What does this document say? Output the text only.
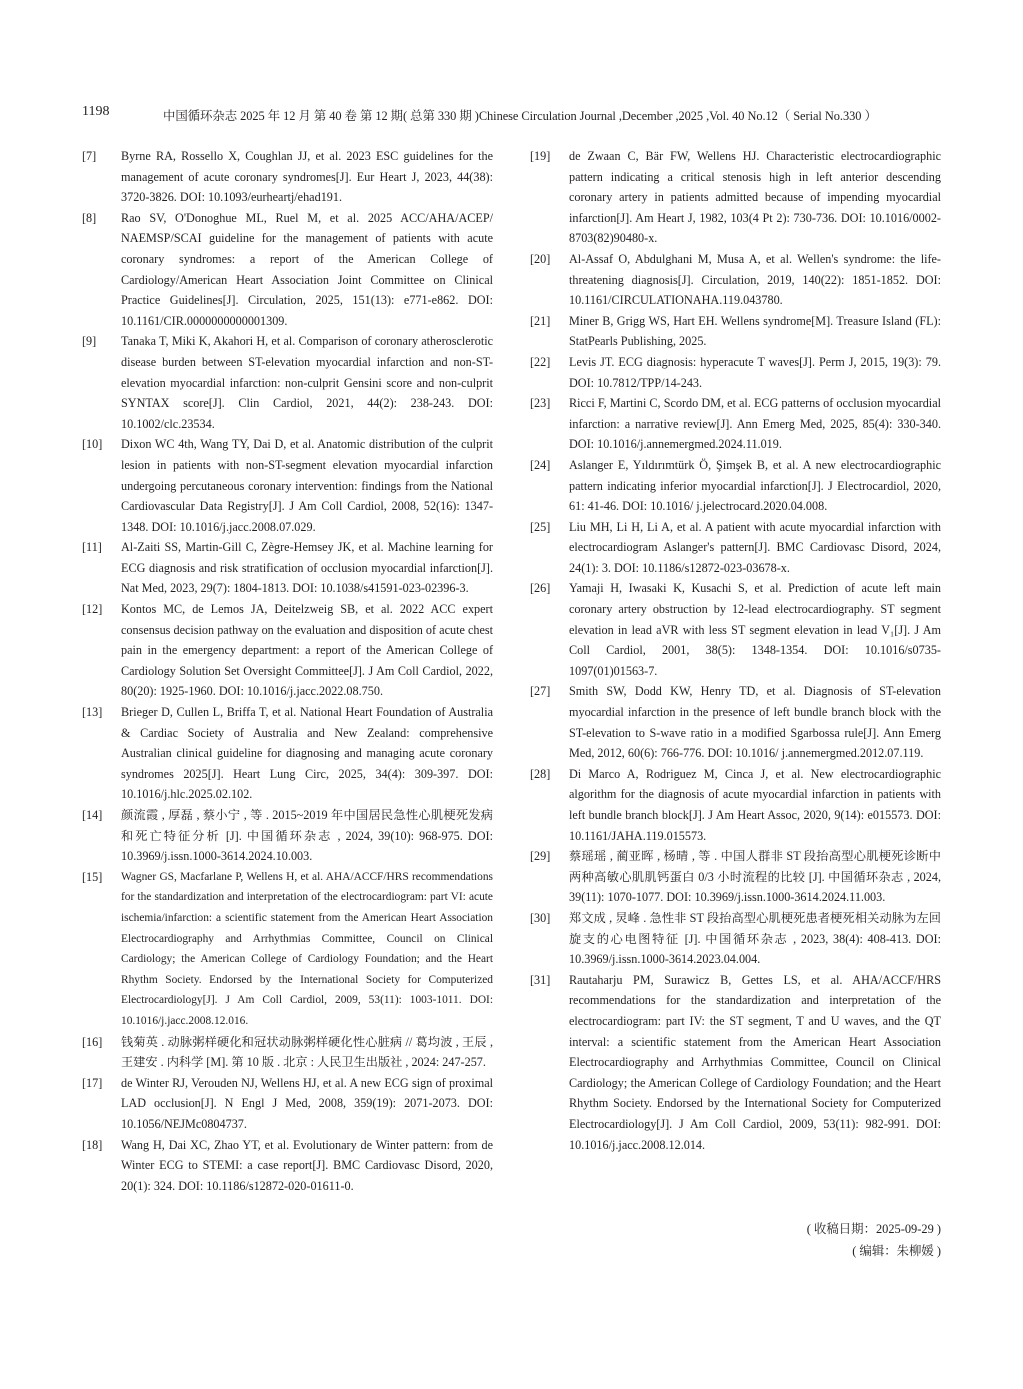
1198	中国循环杂志 2025 年 12 月 第 40 卷 第 12 期( 总第 330 期 )Chinese Circulation Journal ,December ,2025 ,Vol. 40 No.12（ Serial No.330 ）
[7]	Byrne RA, Rossello X, Coughlan JJ, et al. 2023 ESC guidelines for the management of acute coronary syndromes[J]. Eur Heart J, 2023, 44(38): 3720-3826. DOI: 10.1093/eurheartj/ehad191.
[8]	Rao SV, O'Donoghue ML, Ruel M, et al. 2025 ACC/AHA/ACEP/ NAEMSP/SCAI guideline for the management of patients with acute coronary syndromes: a report of the American College of Cardiology/American Heart Association Joint Committee on Clinical Practice Guidelines[J]. Circulation, 2025, 151(13): e771-e862. DOI: 10.1161/CIR.0000000000001309.
[9]	Tanaka T, Miki K, Akahori H, et al. Comparison of coronary atherosclerotic disease burden between ST-elevation myocardial infarction and non-ST-elevation myocardial infarction: non-culprit Gensini score and non-culprit SYNTAX score[J]. Clin Cardiol, 2021, 44(2): 238-243. DOI: 10.1002/clc.23534.
[10]	Dixon WC 4th, Wang TY, Dai D, et al. Anatomic distribution of the culprit lesion in patients with non-ST-segment elevation myocardial infarction undergoing percutaneous coronary intervention: findings from the National Cardiovascular Data Registry[J]. J Am Coll Cardiol, 2008, 52(16): 1347-1348. DOI: 10.1016/j.jacc.2008.07.029.
[11]	Al-Zaiti SS, Martin-Gill C, Zègre-Hemsey JK, et al. Machine learning for ECG diagnosis and risk stratification of occlusion myocardial infarction[J]. Nat Med, 2023, 29(7): 1804-1813. DOI: 10.1038/s41591-023-02396-3.
[12]	Kontos MC, de Lemos JA, Deitelzweig SB, et al. 2022 ACC expert consensus decision pathway on the evaluation and disposition of acute chest pain in the emergency department: a report of the American College of Cardiology Solution Set Oversight Committee[J]. J Am Coll Cardiol, 2022, 80(20): 1925-1960. DOI: 10.1016/j.jacc.2022.08.750.
[13]	Brieger D, Cullen L, Briffa T, et al. National Heart Foundation of Australia & Cardiac Society of Australia and New Zealand: comprehensive Australian clinical guideline for diagnosing and managing acute coronary syndromes 2025[J]. Heart Lung Circ, 2025, 34(4): 309-397. DOI: 10.1016/j.hlc.2025.02.102.
[14]	颜流霞 , 厚磊 , 蔡小宁 , 等 . 2015~2019 年中国居民急性心肌梗死发病和死亡特征分析 [J]. 中国循环杂志 , 2024, 39(10): 968-975. DOI: 10.3969/j.issn.1000-3614.2024.10.003.
[15]	Wagner GS, Macfarlane P, Wellens H, et al. AHA/ACCF/HRS recommendations for the standardization and interpretation of the electrocardiogram: part VI: acute ischemia/infarction: a scientific statement from the American Heart Association Electrocardiography and Arrhythmias Committee, Council on Clinical Cardiology; the American College of Cardiology Foundation; and the Heart Rhythm Society. Endorsed by the International Society for Computerized Electrocardiology[J]. J Am Coll Cardiol, 2009, 53(11): 1003-1011. DOI: 10.1016/j.jacc.2008.12.016.
[16]	钱菊英 . 动脉粥样硬化和冠状动脉粥样硬化性心脏病 // 葛均波 , 王辰 , 王建安 . 内科学 [M]. 第 10 版 . 北京 : 人民卫生出版社 , 2024: 247-257.
[17]	de Winter RJ, Verouden NJ, Wellens HJ, et al. A new ECG sign of proximal LAD occlusion[J]. N Engl J Med, 2008, 359(19): 2071-2073. DOI: 10.1056/NEJMc0804737.
[18]	Wang H, Dai XC, Zhao YT, et al. Evolutionary de Winter pattern: from de Winter ECG to STEMI: a case report[J]. BMC Cardiovasc Disord, 2020, 20(1): 324. DOI: 10.1186/s12872-020-01611-0.
[19]	de Zwaan C, Bär FW, Wellens HJ. Characteristic electrocardiographic pattern indicating a critical stenosis high in left anterior descending coronary artery in patients admitted because of impending myocardial infarction[J]. Am Heart J, 1982, 103(4 Pt 2): 730-736. DOI: 10.1016/0002-8703(82)90480-x.
[20]	Al-Assaf O, Abdulghani M, Musa A, et al. Wellen's syndrome: the life-threatening diagnosis[J]. Circulation, 2019, 140(22): 1851-1852. DOI: 10.1161/CIRCULATIONAHA.119.043780.
[21]	Miner B, Grigg WS, Hart EH. Wellens syndrome[M]. Treasure Island (FL): StatPearls Publishing, 2025.
[22]	Levis JT. ECG diagnosis: hyperacute T waves[J]. Perm J, 2015, 19(3): 79. DOI: 10.7812/TPP/14-243.
[23]	Ricci F, Martini C, Scordo DM, et al. ECG patterns of occlusion myocardial infarction: a narrative review[J]. Ann Emerg Med, 2025, 85(4): 330-340. DOI: 10.1016/j.annemergmed.2024.11.019.
[24]	Aslanger E, Yıldırımtürk Ö, Şimşek B, et al. A new electrocardiographic pattern indicating inferior myocardial infarction[J]. J Electrocardiol, 2020, 61: 41-46. DOI: 10.1016/ j.jelectrocard.2020.04.008.
[25]	Liu MH, Li H, Li A, et al. A patient with acute myocardial infarction with electrocardiogram Aslanger's pattern[J]. BMC Cardiovasc Disord, 2024, 24(1): 3. DOI: 10.1186/s12872-023-03678-x.
[26]	Yamaji H, Iwasaki K, Kusachi S, et al. Prediction of acute left main coronary artery obstruction by 12-lead electrocardiography. ST segment elevation in lead aVR with less ST segment elevation in lead V₁[J]. J Am Coll Cardiol, 2001, 38(5): 1348-1354. DOI: 10.1016/s0735-1097(01)01563-7.
[27]	Smith SW, Dodd KW, Henry TD, et al. Diagnosis of ST-elevation myocardial infarction in the presence of left bundle branch block with the ST-elevation to S-wave ratio in a modified Sgarbossa rule[J]. Ann Emerg Med, 2012, 60(6): 766-776. DOI: 10.1016/ j.annemergmed.2012.07.119.
[28]	Di Marco A, Rodriguez M, Cinca J, et al. New electrocardiographic algorithm for the diagnosis of acute myocardial infarction in patients with left bundle branch block[J]. J Am Heart Assoc, 2020, 9(14): e015573. DOI: 10.1161/JAHA.119.015573.
[29]	蔡瑶瑶 , 蔺亚晖 , 杨晴 , 等 . 中国人群非 ST 段抬高型心肌梗死诊断中两种高敏心肌肌钙蛋白 0/3 小时流程的比较 [J]. 中国循环杂志 , 2024, 39(11): 1070-1077. DOI: 10.3969/j.issn.1000-3614.2024.11.003.
[30]	郑文成 , 炅峰 . 急性非 ST 段抬高型心肌梗死患者梗死相关动脉为左回旋支的心电图特征 [J]. 中国循环杂志 , 2023, 38(4): 408-413. DOI: 10.3969/j.issn.1000-3614.2023.04.004.
[31]	Rautaharju PM, Surawicz B, Gettes LS, et al. AHA/ACCF/HRS recommendations for the standardization and interpretation of the electrocardiogram: part IV: the ST segment, T and U waves, and the QT interval: a scientific statement from the American Heart Association Electrocardiography and Arrhythmias Committee, Council on Clinical Cardiology; the American College of Cardiology Foundation; and the Heart Rhythm Society. Endorsed by the International Society for Computerized Electrocardiology[J]. J Am Coll Cardiol, 2009, 53(11): 982-991. DOI: 10.1016/j.jacc.2008.12.014.
( 收稿日期：2025-09-29 )
( 编辑：朱柳媛 )
